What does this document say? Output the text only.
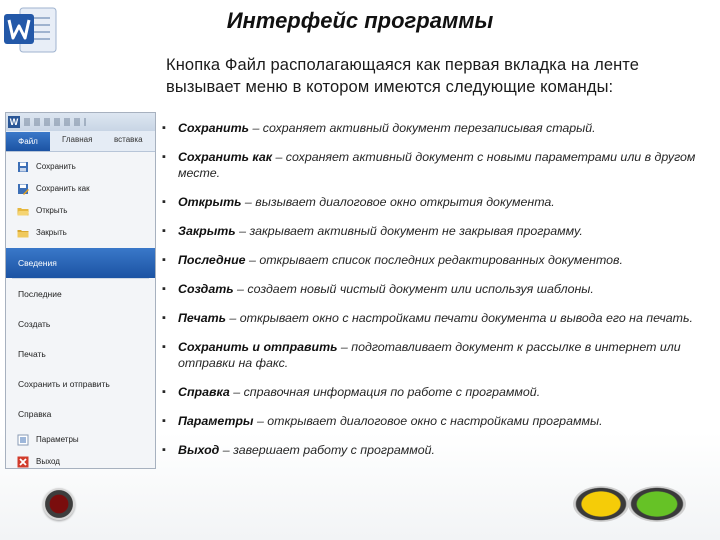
Интерфейс программы
Кнопка Файл располагающаяся как первая вкладка на ленте вызывает меню в котором имеются следующие команды:
W
Файл	Главная	вставка
Сохранить
Сохранить как
Открыть
Закрыть
Сведения
Последние
Создать
Печать
Сохранить и отправить
Справка
Параметры
Выход
▪ Сохранить – сохраняет активный документ перезаписывая старый.
▪ Сохранить как – сохраняет активный документ с новыми параметрами или в другом месте.
▪ Открыть – вызывает диалоговое окно открытия документа.
▪ Закрыть – закрывает активный документ не закрывая программу.
▪ Последние – открывает список последних редактированных документов.
▪ Создать – создает новый чистый документ или используя шаблоны.
▪ Печать – открывает окно с настройками печати документа и вывода его на печать.
▪ Сохранить и отправить – подготавливает документ к рассылке в интернет или отправки на факс.
▪ Справка – справочная информация по работе с программой.
▪ Параметры – открывает диалоговое окно с настройками программы.
▪ Выход – завершает работу с программой.
